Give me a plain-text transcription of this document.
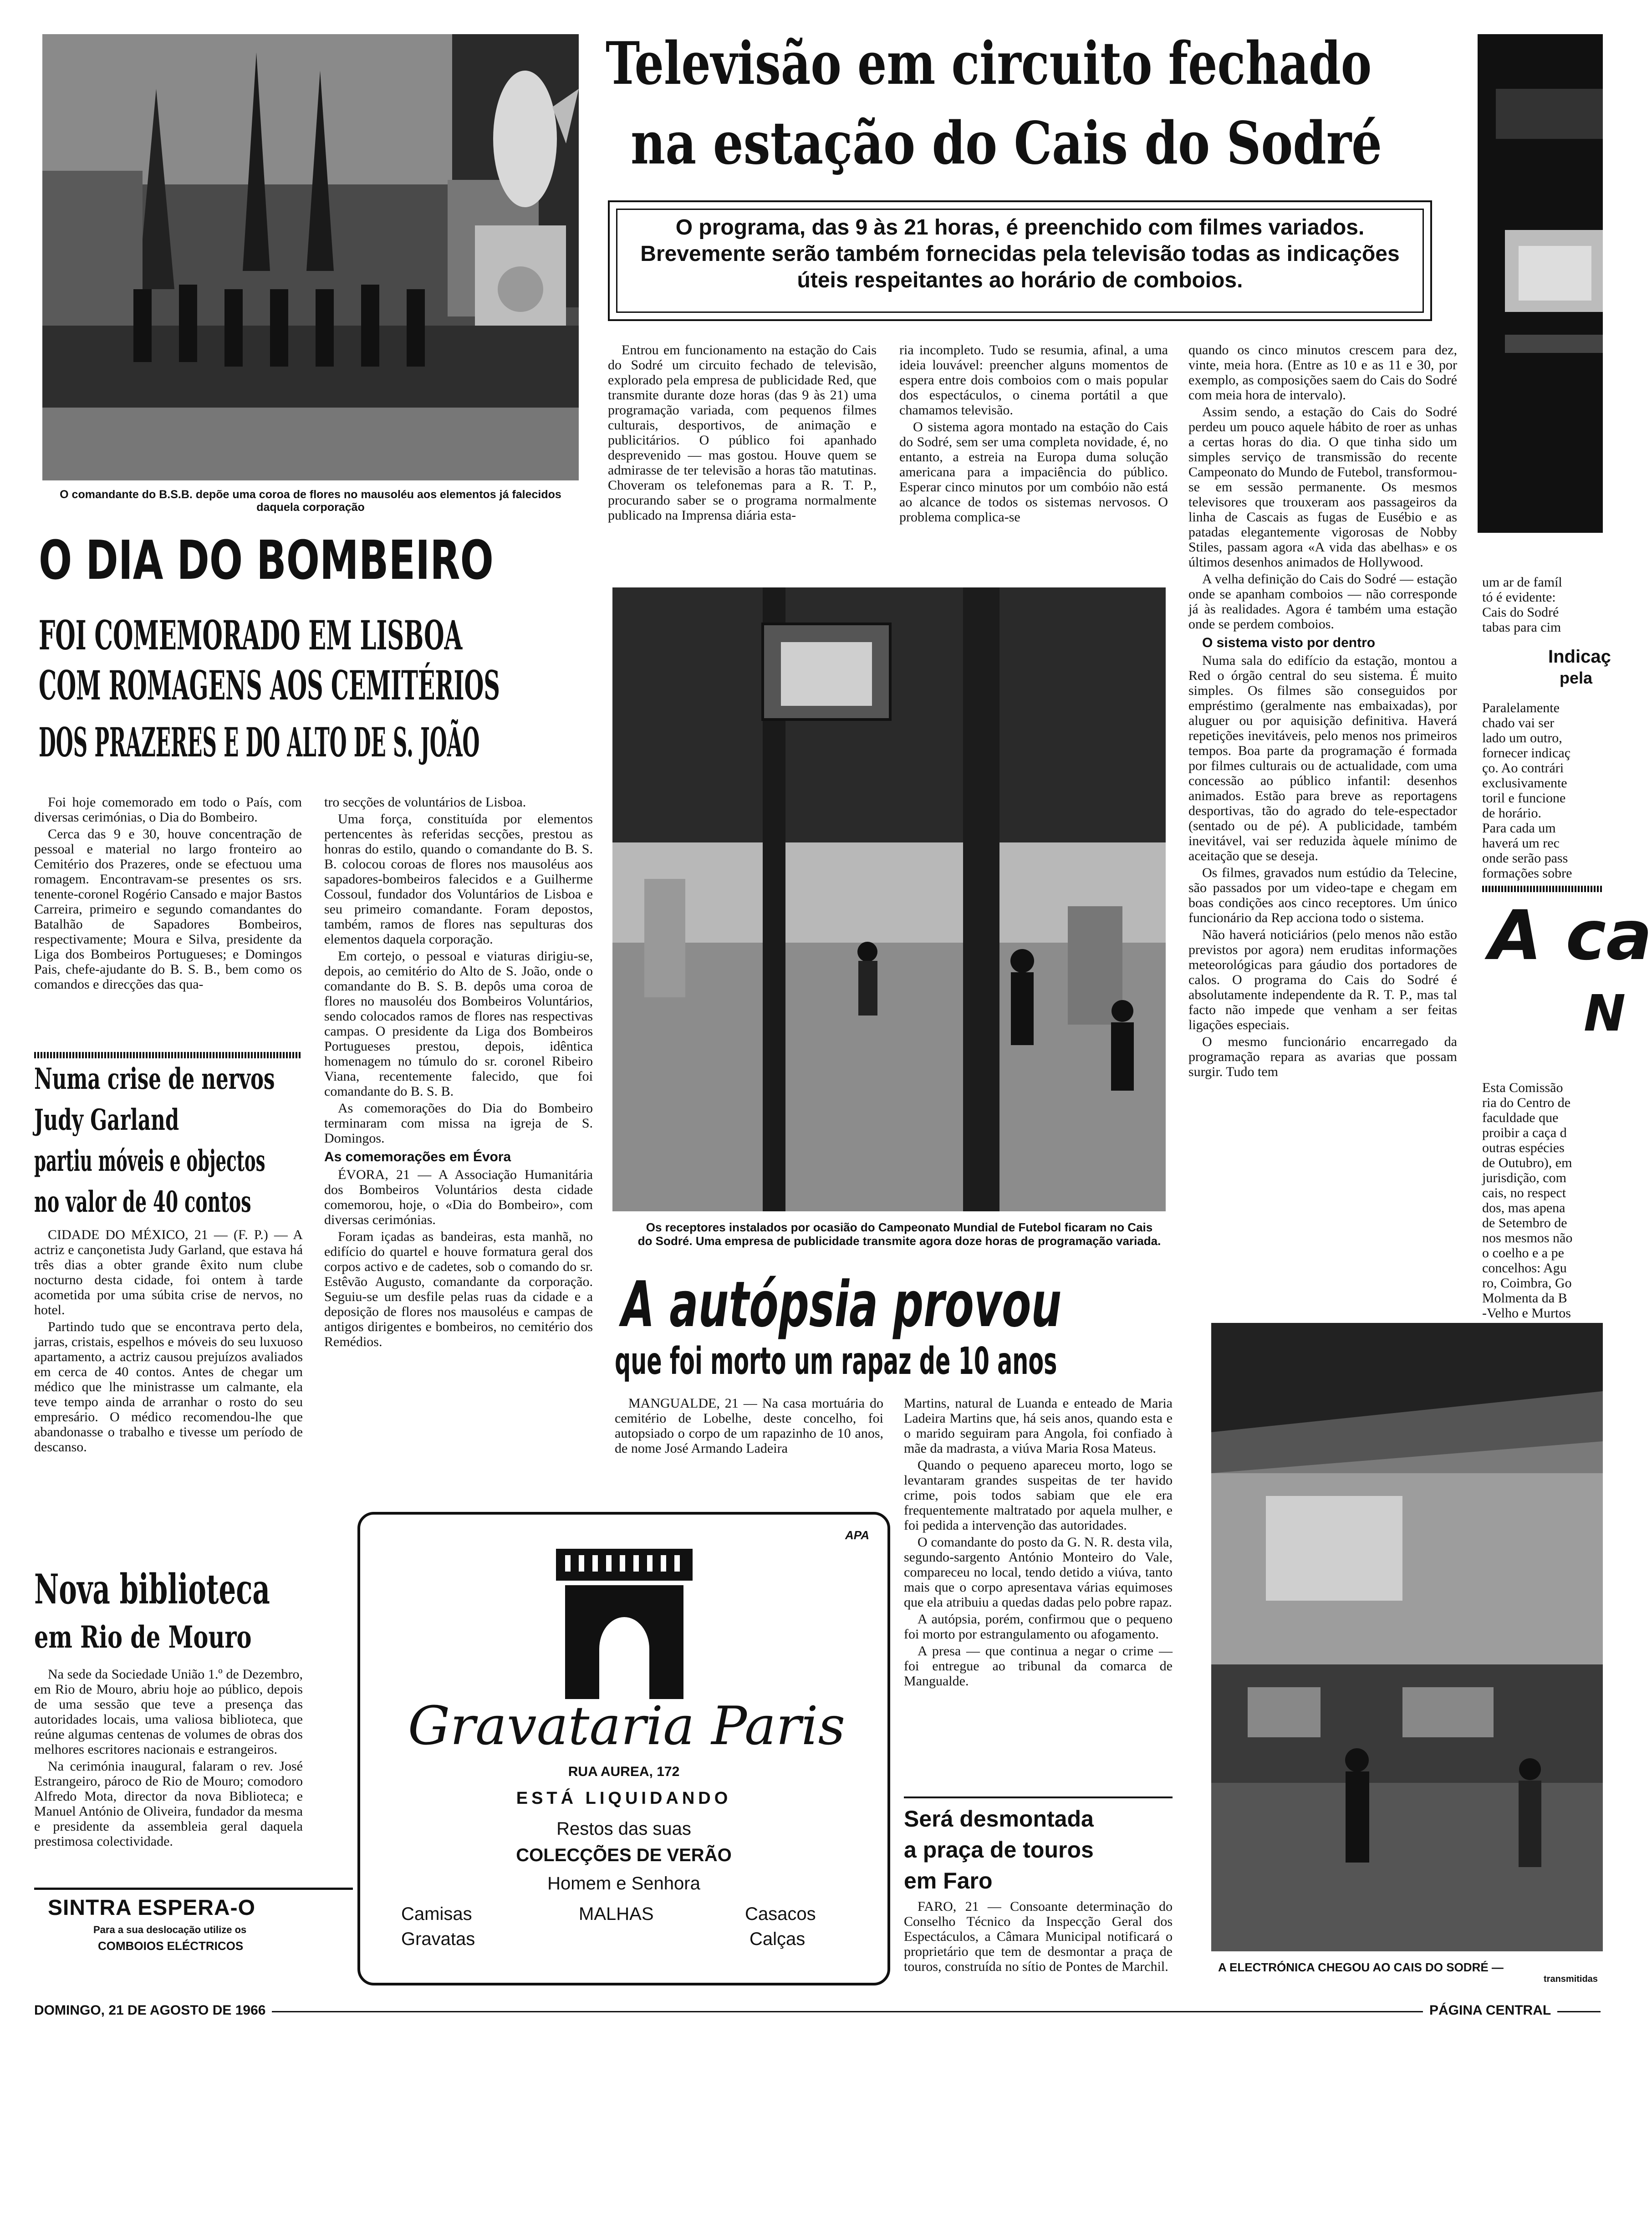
O comandante do B.S.B. depõe uma coroa de flores no mausoléu aos elementos já falecidos daquela corporação
O DIA DO BOMBEIRO
FOI COMEMORADO EM LISBOA
COM ROMAGENS AOS CEMITÉRIOS
DOS PRAZERES E DO ALTO DE S. JOÃO

Foi hoje comemorado em todo o País, com diversas cerimónias, o Dia do Bombeiro.

Cerca das 9 e 30, houve concentração de pessoal e material no largo fronteiro ao Cemitério dos Prazeres, onde se efectuou uma romagem. Encontravam-se presentes os srs. tenente-coronel Rogério Cansado e major Bastos Carreira, primeiro e segundo comandantes do Batalhão de Sapadores Bombeiros, respectivamente; Moura e Silva, presidente da Liga dos Bombeiros Portugueses; e Domingos Pais, chefe-ajudante do B. S. B., bem como os comandos e direcções das qua-

tro secções de voluntários de Lisboa.

Uma força, constituída por elementos pertencentes às referidas secções, prestou as honras do estilo, quando o comandante do B. S. B. colocou coroas de flores nos mausoléus aos sapadores-bombeiros falecidos e a Guilherme Cossoul, fundador dos Voluntários de Lisboa e seu primeiro comandante. Foram depostos, também, ramos de flores nas sepulturas dos elementos daquela corporação.

Em cortejo, o pessoal e viaturas dirigiu-se, depois, ao cemitério do Alto de S. João, onde o comandante do B. S. B. depôs uma coroa de flores no mausoléu dos Bombeiros Voluntários, sendo colocados ramos de flores nas respectivas campas. O presidente da Liga dos Bombeiros Portugueses prestou, depois, idêntica homenagem no túmulo do sr. coronel Ribeiro Viana, recentemente falecido, que foi comandante do B. S. B.

As comemorações do Dia do Bombeiro terminaram com missa na igreja de S. Domingos.

As comemorações em Évora

ÉVORA, 21 — A Associação Humanitária dos Bombeiros Voluntários desta cidade comemorou, hoje, o «Dia do Bombeiro», com diversas cerimónias.

Foram içadas as bandeiras, esta manhã, no edifício do quartel e houve formatura geral dos corpos activo e de cadetes, sob o comando do sr. Estêvão Augusto, comandante da corporação. Seguiu-se um desfile pelas ruas da cidade e a deposição de flores nos mausoléus e campas de antigos dirigentes e bombeiros, no cemitério dos Remédios.

Numa crise de nervos
Judy Garland
partiu móveis e objectos
no valor de 40 contos

CIDADE DO MÉXICO, 21 — (F. P.) — A actriz e cançonetista Judy Garland, que estava há três dias a obter grande êxito num clube nocturno desta cidade, foi ontem à tarde acometida por uma súbita crise de nervos, no hotel.

Partindo tudo que se encontrava perto dela, jarras, cristais, espelhos e móveis do seu luxuoso apartamento, a actriz causou prejuízos avaliados em cerca de 40 contos. Antes de chegar um médico que lhe ministrasse um calmante, ela teve tempo ainda de arranhar o rosto do seu empresário. O médico recomendou-lhe que abandonasse o trabalho e tivesse um período de descanso.

Nova biblioteca
em Rio de Mouro

Na sede da Sociedade União 1.º de Dezembro, em Rio de Mouro, abriu hoje ao público, depois de uma sessão que teve a presença das autoridades locais, uma valiosa biblioteca, que reúne algumas centenas de volumes de obras dos melhores escritores nacionais e estrangeiros.

Na cerimónia inaugural, falaram o rev. José Estrangeiro, pároco de Rio de Mouro; comodoro Alfredo Mota, director da nova Biblioteca; e Manuel António de Oliveira, fundador da mesma e presidente da assembleia geral daquela prestimosa colectividade.

SINTRA ESPERA-O
Para a sua deslocação utilize os
COMBOIOS ELÉCTRICOS
Televisão em circuito fechado
na estação do Cais do Sodré
O programa, das 9 às 21 horas, é preenchido com filmes variados. Brevemente serão também fornecidas pela televisão todas as indicações úteis respeitantes ao horário de comboios.

Entrou em funcionamento na estação do Cais do Sodré um circuito fechado de televisão, explorado pela empresa de publicidade Red, que transmite durante doze horas (das 9 às 21) uma programação variada, com pequenos filmes culturais, desportivos, de animação e publicitários. O público foi apanhado desprevenido — mas gostou. Houve quem se admirasse de ter televisão a horas tão matutinas. Choveram os telefonemas para a R. T. P., procurando saber se o programa normalmente publicado na Imprensa diária esta-

ria incompleto. Tudo se resumia, afinal, a uma ideia louvável: preencher alguns momentos de espera entre dois comboios com o mais popular dos espectáculos, o cinema portátil a que chamamos televisão.

O sistema agora montado na estação do Cais do Sodré, sem ser uma completa novidade, é, no entanto, a estreia na Europa duma solução americana para a impaciência do público. Esperar cinco minutos por um combóio não está ao alcance de todos os sistemas nervosos. O problema complica-se

quando os cinco minutos crescem para dez, vinte, meia hora. (Entre as 10 e as 11 e 30, por exemplo, as composições saem do Cais do Sodré com meia hora de intervalo).

Assim sendo, a estação do Cais do Sodré perdeu um pouco aquele hábito de roer as unhas a certas horas do dia. O que tinha sido um simples serviço de transmissão do recente Campeonato do Mundo de Futebol, transformou-se em sessão permanente. Os mesmos televisores que trouxeram aos passageiros da linha de Cascais as fugas de Eusébio e as patadas elegantemente vigorosas de Nobby Stiles, passam agora «A vida das abelhas» e os últimos desenhos animados de Hollywood.

A velha definição do Cais do Sodré — estação onde se apanham comboios — não corresponde já às realidades. Agora é também uma estação onde se perdem comboios.

O sistema visto por dentro

Numa sala do edifício da estação, montou a Red o órgão central do seu sistema. É muito simples. Os filmes são conseguidos por empréstimo (geralmente nas embaixadas), por aluguer ou por aquisição definitiva. Haverá repetições inevitáveis, pelo menos nos primeiros tempos. Boa parte da programação é formada por filmes culturais ou de actualidade, com uma concessão ao público infantil: desenhos animados. Estão para breve as reportagens desportivas, tão do agrado do tele-espectador (sentado ou de pé). A publicidade, também inevitável, vai ser reduzida àquele mínimo de aceitação que se deseja.

Os filmes, gravados num estúdio da Telecine, são passados por um video-tape e chegam em boas condições aos cinco receptores. Um único funcionário da Rep acciona todo o sistema.

Não haverá noticiários (pelo menos não estão previstos por agora) nem eruditas informações meteorológicas para gáudio dos portadores de calos. O programa do Cais do Sodré é absolutamente independente da R. T. P., mas tal facto não impede que venham a ser feitas ligações especiais.

O mesmo funcionário encarregado da programação repara as avarias que possam surgir. Tudo tem

Os receptores instalados por ocasião do Campeonato Mundial de Futebol ficaram no Cais do Sodré. Uma empresa de publicidade transmite agora doze horas de programação variada.
A autópsia provou
que foi morto um rapaz de 10 anos

MANGUALDE, 21 — Na casa mortuária do cemitério de Lobelhe, deste concelho, foi autopsiado o corpo de um rapazinho de 10 anos, de nome José Armando Ladeira

Martins, natural de Luanda e enteado de Maria Ladeira Martins que, há seis anos, quando esta e o marido seguiram para Angola, foi confiado à mãe da madrasta, a viúva Maria Rosa Mateus.

Quando o pequeno apareceu morto, logo se levantaram grandes suspeitas de ter havido crime, pois todos sabiam que ele era frequentemente maltratado por aquela mulher, e foi pedida a intervenção das autoridades.

O comandante do posto da G. N. R. desta vila, segundo-sargento António Monteiro do Vale, compareceu no local, tendo detido a viúva, tanto mais que o corpo apresentava várias equimoses que ela atribuiu a quedas dadas pelo pobre rapaz.

A autópsia, porém, confirmou que o pequeno foi morto por estrangulamento ou afogamento.

A presa — que continua a negar o crime — foi entregue ao tribunal da comarca de Mangualde.

APA
Gravataria Paris
RUA AUREA, 172
ESTÁ LIQUIDANDO
Restos das suas
COLECÇÕES DE VERÃO
Homem e Senhora
Camisas
Gravatas
MALHAS	Casacos
Calças
Será desmontada
a praça de touros
em Faro

FARO, 21 — Consoante determinação do Conselho Técnico da Inspecção Geral dos Espectáculos, a Câmara Municipal notificará o proprietário que tem de desmontar a praça de touros, construída no sítio de Pontes de Marchil.

um ar de famíl
tó é evidente:
Cais do Sodré
tabas para cim
Indicaç
pela
Paralelamente
chado vai ser
lado um outro,
fornecer indicaç
ço. Ao contrári
exclusivamente
toril e funcione
de horário.
Para cada um
haverá um rec
onde serão pass
formações sobre
A ca
N
Esta Comissão
ria do Centro de
faculdade que
proibir a caça d
outras espécies
de Outubro), em
jurisdição, com
cais, no respect
dos, mas apena
de Setembro de
nos mesmos não
o coelho e a pe
concelhos: Agu
ro, Coimbra, Go
Molmenta da B
-Velho e Murtos
A ELECTRÓNICA CHEGOU AO CAIS DO SODRÉ —
transmitidas
DOMINGO, 21 DE AGOSTO DE 1966	PÁGINA CENTRAL
